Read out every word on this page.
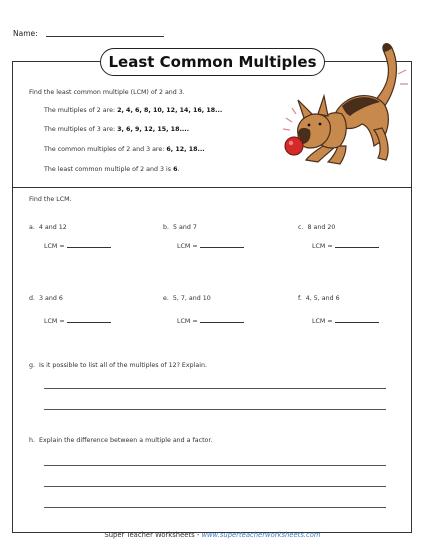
Name:
Least Common Multiples
Find the least common multiple (LCM) of 2 and 3.
The multiples of 2 are: 2, 4, 6, 8, 10, 12, 14, 16, 18...
The multiples of 3 are: 3, 6, 9, 12, 15, 18....
The common multiples of 2 and 3 are: 6, 12, 18...
The least common multiple of 2 and 3 is 6.
Find the LCM.
a. 4 and 12	b. 5 and 7	c. 8 and 20
LCM =	LCM =	LCM =
d. 3 and 6	e. 5, 7, and 10	f. 4, 5, and 6
LCM =	LCM =	LCM =
g. Is it possible to list all of the multiples of 12? Explain.
h. Explain the difference between a multiple and a factor.
Super Teacher Worksheets - www.superteacherworksheets.com
